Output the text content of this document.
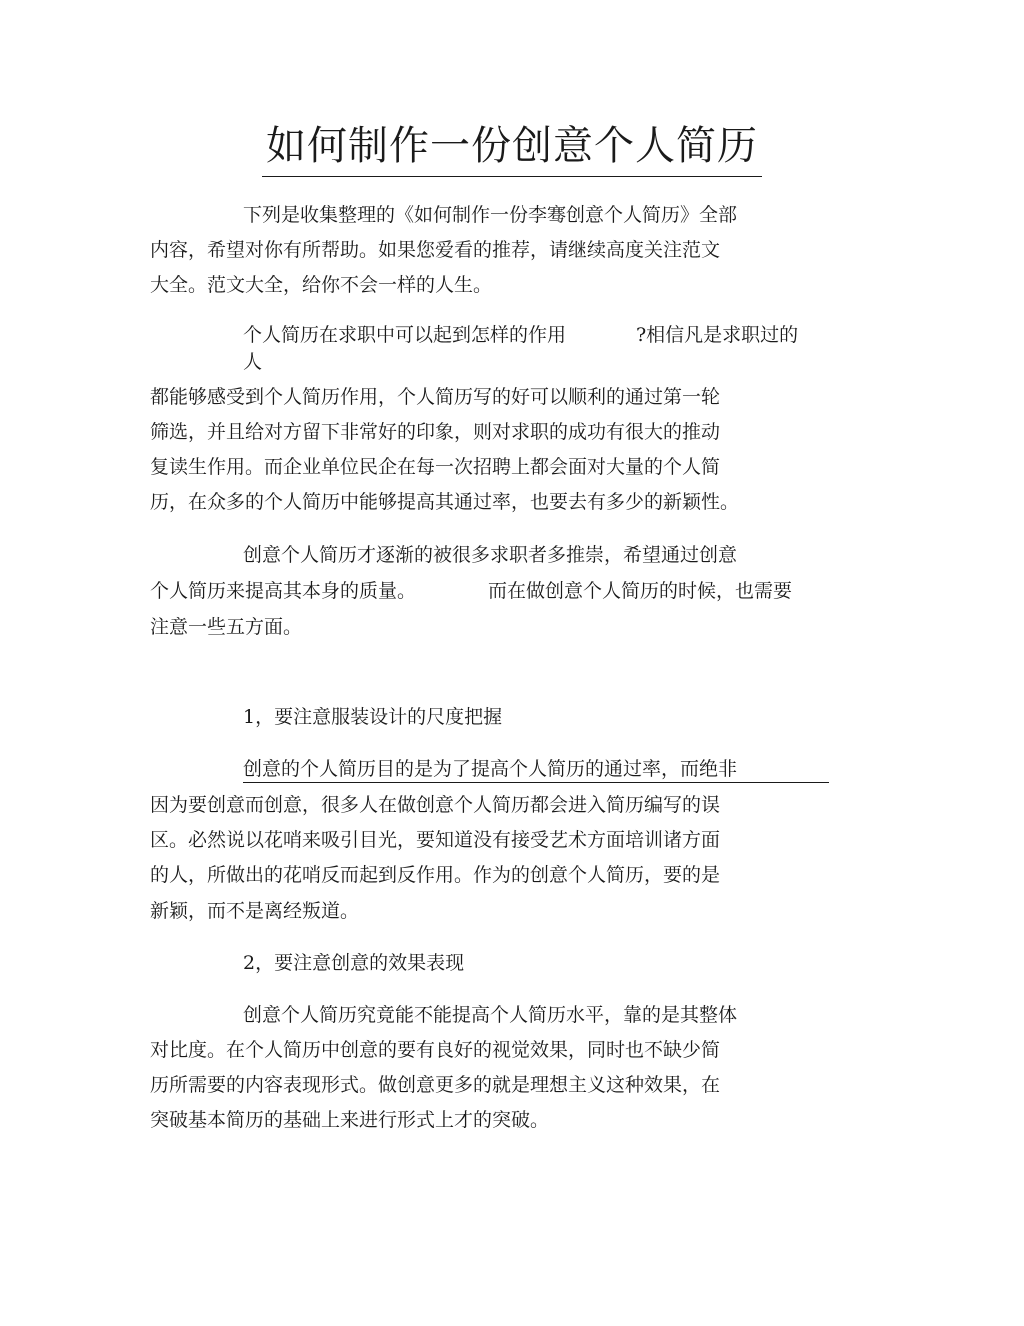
如何制作一份创意个人简历
下列是收集整理的《如何制作一份李骞创意个人简历》全部
内容，希望对你有所帮助。如果您爱看的推荐，请继续高度关注范文
大全。范文大全，给你不会一样的人生。
个人简历在求职中可以起到怎样的作用	?相信凡是求职过的
人
都能够感受到个人简历作用，个人简历写的好可以顺利的通过第一轮
筛选，并且给对方留下非常好的印象，则对求职的成功有很大的推动
复读生作用。而企业单位民企在每一次招聘上都会面对大量的个人简
历，在众多的个人简历中能够提高其通过率，也要去有多少的新颖性。
创意个人简历才逐渐的被很多求职者多推崇，希望通过创意
个人简历来提高其本身的质量。	而在做创意个人简历的时候，也需要
注意一些五方面。
1，要注意服装设计的尺度把握
创意的个人简历目的是为了提高个人简历的通过率，而绝非
因为要创意而创意，很多人在做创意个人简历都会进入简历编写的误
区。必然说以花哨来吸引目光，要知道没有接受艺术方面培训诸方面
的人，所做出的花哨反而起到反作用。作为的创意个人简历，要的是
新颖，而不是离经叛道。
2，要注意创意的效果表现
创意个人简历究竟能不能提高个人简历水平，靠的是其整体
对比度。在个人简历中创意的要有良好的视觉效果，同时也不缺少简
历所需要的内容表现形式。做创意更多的就是理想主义这种效果，在
突破基本简历的基础上来进行形式上才的突破。
